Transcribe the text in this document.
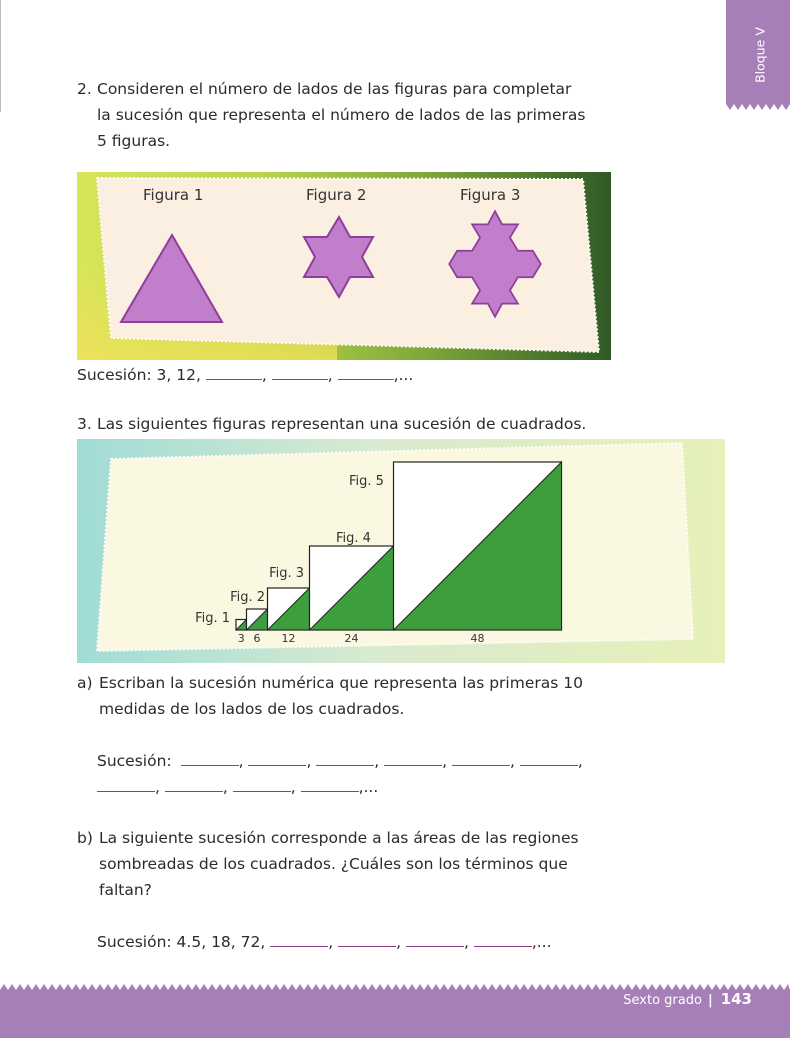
Bloque V
2. Consideren el número de lados de las figuras para completar
la sucesión que representa el número de lados de las primeras
5 figuras.
Figura 1	Figura 2	Figura 3
Sucesión: 3, 12,	,	,	,...
3. Las siguientes figuras representan una sucesión de cuadrados.
Fig. 1
3
Fig. 2
6
Fig. 3
12
Fig. 4
24
Fig. 5
48
a) Escriban la sucesión numérica que representa las primeras 10
medidas de los lados de los cuadrados.
Sucesión:	,	,	,	,	,	,
,	,	,	,...
b) La siguiente sucesión corresponde a las áreas de las regiones
sombreadas de los cuadrados. ¿Cuáles son los términos que
faltan?
Sucesión: 4.5, 18, 72,	,	,	,	,...
Sexto grado | 143
